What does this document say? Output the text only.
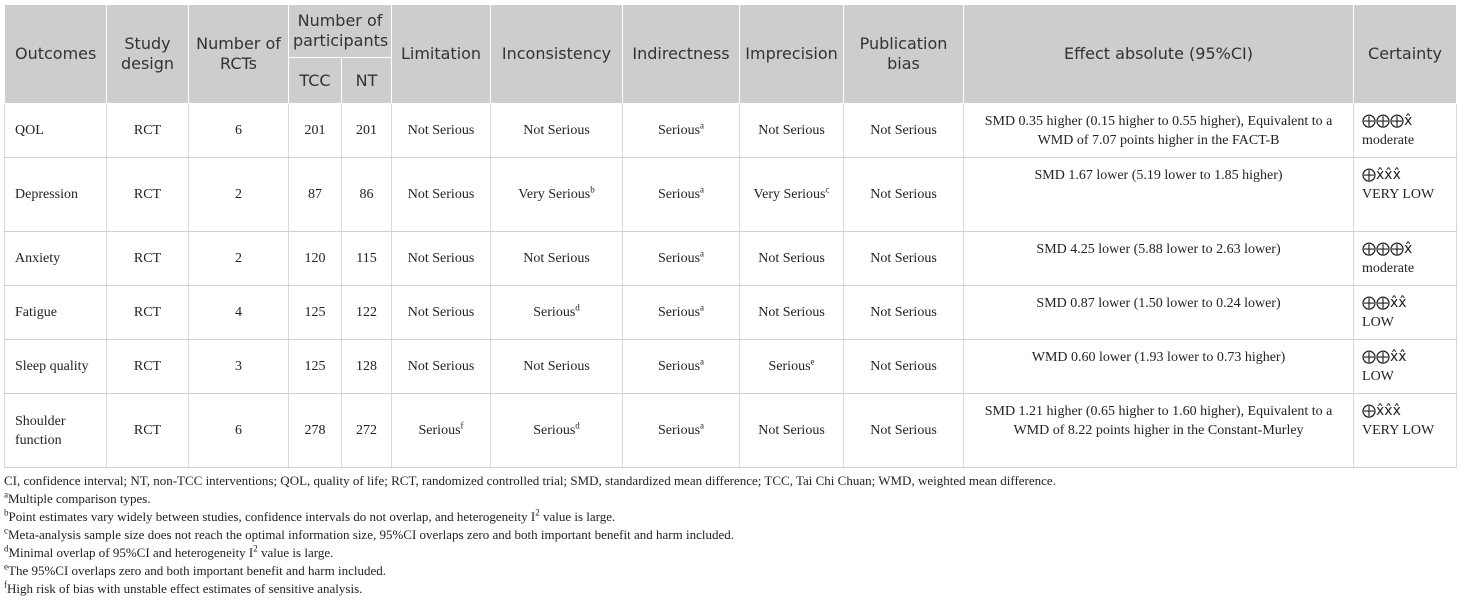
Outcomes	Study design	Number of RCTs	Number of participants		Limitation	Inconsistency	Indirectness	Imprecision	Publication bias	Effect absolute (95%CI)	Certainty
			TCC	NT							
QOL	RCT	6	201	201	Not Serious	Not Serious	Serious$^a$	Not Serious	Not Serious	SMD 0.35 higher (0.15 higher to 0.55 higher), Equivalent to a WMD of 7.07 points higher in the FACT-B	⨁⨁⨁x̂
moderate
Depression	RCT	2	87	86	Not Serious	Very Serious$^b$	Serious$^a$	Very Serious$^c$	Not Serious	SMD 1.67 lower (5.19 lower to 1.85 higher)	⨁x̂x̂x̂
VERY LOW
Anxiety	RCT	2	120	115	Not Serious	Not Serious	Serious$^a$	Not Serious	Not Serious	SMD 4.25 lower (5.88 lower to 2.63 lower)	⨁⨁⨁x̂
moderate
Fatigue	RCT	4	125	122	Not Serious	Serious$^d$	Serious$^a$	Not Serious	Not Serious	SMD 0.87 lower (1.50 lower to 0.24 lower)	⨁⨁x̂x̂
LOW
Sleep quality	RCT	3	125	128	Not Serious	Not Serious	Serious$^a$	Serious$^e$	Not Serious	WMD 0.60 lower (1.93 lower to 0.73 higher)	⨁⨁x̂x̂
LOW
Shoulder function	RCT	6	278	272	Serious$^f$	Serious$^d$	Serious$^a$	Not Serious	Not Serious	SMD 1.21 higher (0.65 higher to 1.60 higher), Equivalent to a WMD of 8.22 points higher in the Constant-Murley	⨁x̂x̂x̂
VERY LOW
CI, confidence interval; NT, non-TCC interventions; QOL, quality of life; RCT, randomized controlled trial; SMD, standardized mean difference; TCC, Tai Chi Chuan; WMD, weighted mean difference.
$^a$Multiple comparison types.
$^b$Point estimates vary widely between studies, confidence intervals do not overlap, and heterogeneity $I^2$ value is large.
$^c$Meta-analysis sample size does not reach the optimal information size, 95%CI overlaps zero and both important benefit and harm included.
$^d$Minimal overlap of 95%CI and heterogeneity $I^2$ value is large.
$^e$The 95%CI overlaps zero and both important benefit and harm included.
$^f$High risk of bias with unstable effect estimates of sensitive analysis.
